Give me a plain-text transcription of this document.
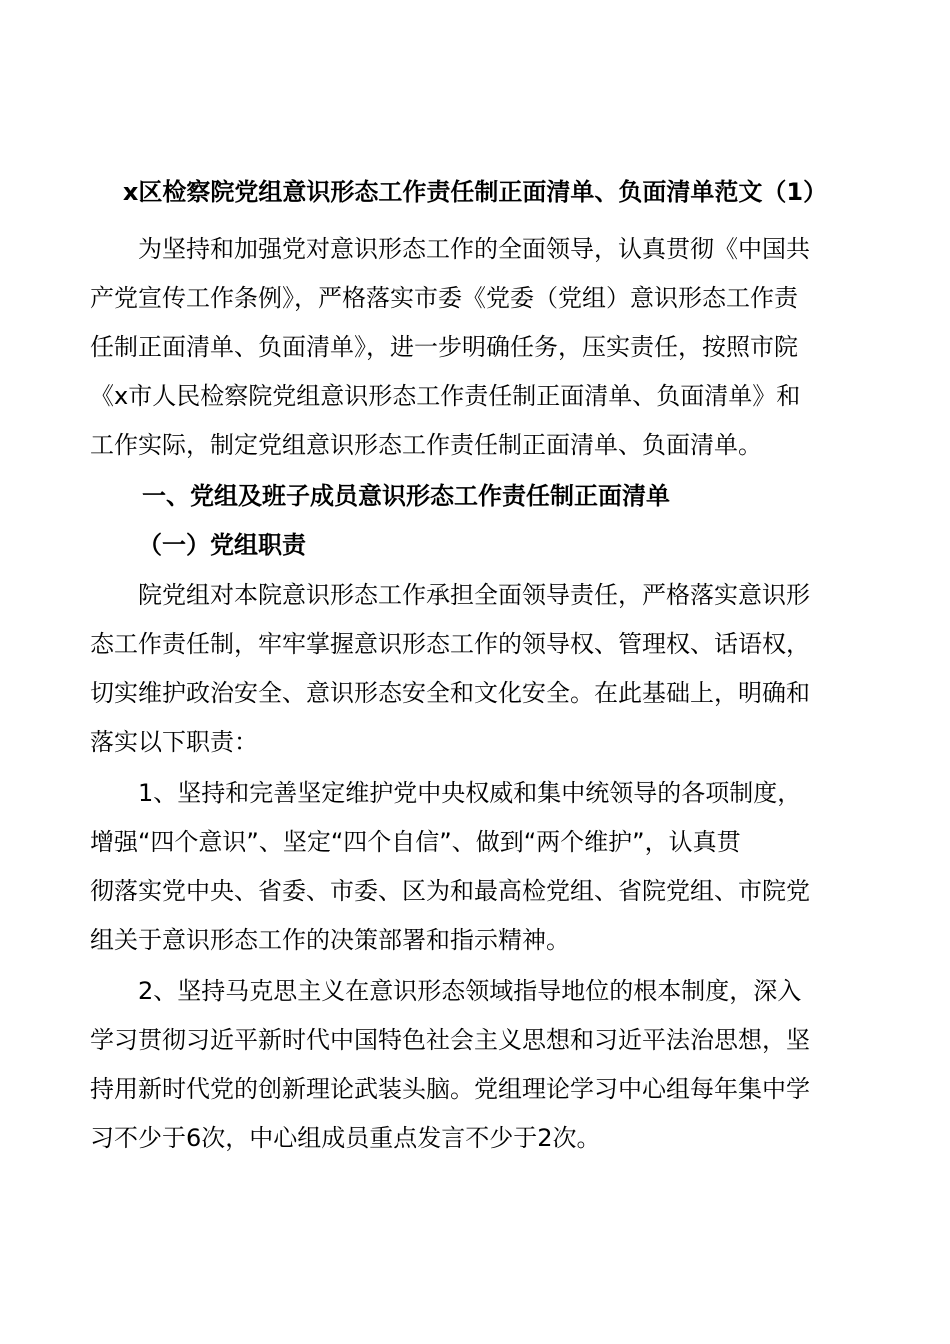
x区检察院党组意识形态工作责任制正面清单、负面清单范文（1）
　　为坚持和加强党对意识形态工作的全面领导，认真贯彻《中国共
产党宣传工作条例》，严格落实市委《党委（党组）意识形态工作责
任制正面清单、负面清单》，进一步明确任务，压实责任，按照市院
《x市人民检察院党组意识形态工作责任制正面清单、负面清单》和
工作实际，制定党组意识形态工作责任制正面清单、负面清单。
一、党组及班子成员意识形态工作责任制正面清单
（一）党组职责
　　院党组对本院意识形态工作承担全面领导责任，严格落实意识形
态工作责任制，牢牢掌握意识形态工作的领导权、管理权、话语权，
切实维护政治安全、意识形态安全和文化安全。在此基础上，明确和
落实以下职责：
　　1、坚持和完善坚定维护党中央权威和集中统领导的各项制度，
增强“四个意识”、坚定“四个自信”、做到“两个维护”，认真贯
彻落实党中央、省委、市委、区为和最高检党组、省院党组、市院党
组关于意识形态工作的决策部署和指示精神。
　　2、坚持马克思主义在意识形态领域指导地位的根本制度，深入
学习贯彻习近平新时代中国特色社会主义思想和习近平法治思想，坚
持用新时代党的创新理论武装头脑。党组理论学习中心组每年集中学
习不少于6次，中心组成员重点发言不少于2次。
